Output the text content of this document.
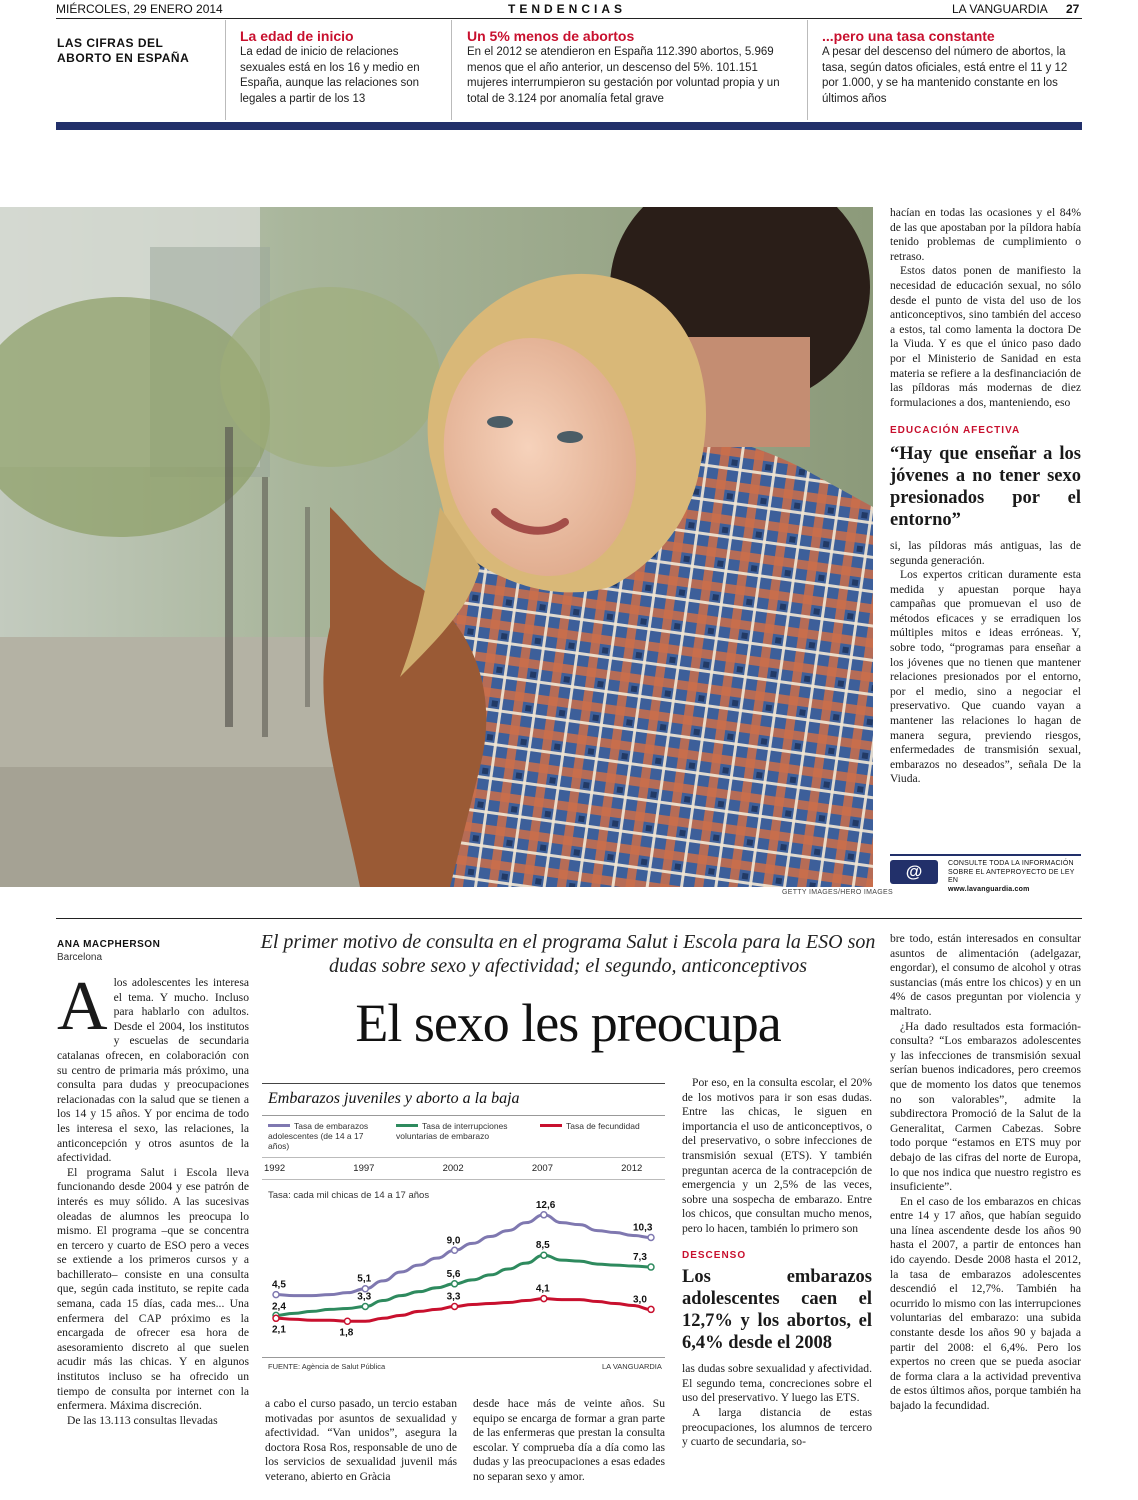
MIÉRCOLES, 29 ENERO 2014	TENDENCIAS	LA VANGUARDIA 27
LAS CIFRAS DEL ABORTO EN ESPAÑA
La edad de inicio
La edad de inicio de relaciones sexuales está en los 16 y medio en España, aunque las relaciones son legales a partir de los 13
Un 5% menos de abortos
En el 2012 se atendieron en España 112.390 abortos, 5.969 menos que el año anterior, un descenso del 5%. 101.151 mujeres interrumpieron su gestación por voluntad propia y un total de 3.124 por anomalía fetal grave
...pero una tasa constante
A pesar del descenso del número de abortos, la tasa, según datos oficiales, está entre el 11 y 12 por 1.000, y se ha mantenido constante en los últimos años
GETTY IMAGES/HERO IMAGES

hacían en todas las ocasiones y el 84% de las que apostaban por la píldora había tenido problemas de cumplimiento o retraso.

Estos datos ponen de manifiesto la necesidad de educación sexual, no sólo desde el punto de vista del uso de los anticonceptivos, sino también del acceso a estos, tal como lamenta la doctora De la Viuda. Y es que el único paso dado por el Ministerio de Sanidad en esta materia se refiere a la desfinanciación de las píldoras más modernas de diez formulaciones a dos, manteniendo, eso

EDUCACIÓN AFECTIVA
“Hay que enseñar a los jóvenes a no tener sexo presionados por el entorno”

si, las píldoras más antiguas, las de segunda generación.

Los expertos critican duramente esta medida y apuestan porque haya campañas que promuevan el uso de métodos eficaces y se erradiquen los múltiples mitos e ideas erróneas. Y, sobre todo, “programas para enseñar a los jóvenes que no tienen que mantener relaciones presionados por el entorno, por el medio, sino a negociar el preservativo. Que cuando vayan a mantener las relaciones lo hagan de manera segura, previendo riesgos, enfermedades de transmisión sexual, embarazos no deseados”, señala De la Viuda.

@	CONSULTE TODA LA INFORMACIÓN
SOBRE EL ANTEPROYECTO DE LEY EN
www.lavanguardia.com
ANA MACPHERSON
Barcelona
El primer motivo de consulta en el programa Salut i Escola para la ESO son dudas sobre sexo y afectividad; el segundo, anticonceptivos
El sexo les preocupa
A los adolescentes les interesa el tema. Y mucho. Incluso para hablarlo con adultos. Desde el 2004, los institutos y escuelas de secundaria catalanas ofrecen, en colaboración con su centro de primaria más próximo, una consulta para dudas y preocupaciones relacionadas con la salud que se tienen a los 14 y 15 años. Y por encima de todo les interesa el sexo, las relaciones, la anticoncepción y otros asuntos de la afectividad.

El programa Salut i Escola lleva funcionando desde 2004 y ese patrón de interés es muy sólido. A las sucesivas oleadas de alumnos les preocupa lo mismo. El programa –que se concentra en tercero y cuarto de ESO pero a veces se extiende a los primeros cursos y a bachillerato– consiste en una consulta que, según cada instituto, se repite cada semana, cada 15 días, cada mes... Una enfermera del CAP próximo es la encargada de ofrecer esa hora de asesoramiento discreto al que suelen acudir más las chicas. Y en algunos institutos incluso se ha ofrecido un tiempo de consulta por internet con la enfermera. Máxima discreción.

De las 13.113 consultas llevadas

Embarazos juveniles y aborto a la baja
Tasa de embarazos adolescentes (de 14 a 17 años)
Tasa de interrupciones voluntarias de embarazo
Tasa de fecundidad
1992	1997	2002	2007	2012
Tasa: cada mil chicas de 14 a 17 años
4,5
5,1
9,0
12,6
10,3
2,4
3,3
5,6
8,5
7,3
2,1	1,8
3,3
4,1
3,0
FUENTE: Agència de Salut Pública	LA VANGUARDIA

a cabo el curso pasado, un tercio estaban motivadas por asuntos de sexualidad y afectividad. “Van unidos”, asegura la doctora Rosa Ros, responsable de uno de los servicios de sexualidad juvenil más veterano, abierto en Gràcia

desde hace más de veinte años. Su equipo se encarga de formar a gran parte de las enfermeras que prestan la consulta escolar. Y comprueba día a día como las dudas y las preocupaciones a esas edades no separan sexo y amor.

Por eso, en la consulta escolar, el 20% de los motivos para ir son esas dudas. Entre las chicas, le siguen en importancia el uso de anticonceptivos, o del preservativo, o sobre infecciones de transmisión sexual (ETS). Y también preguntan acerca de la contracepción de emergencia y un 2,5% de las veces, sobre una sospecha de embarazo. Entre los chicos, que consultan mucho menos, pero lo hacen, también lo primero son

DESCENSO
Los embarazos adolescentes caen el 12,7% y los abortos, el 6,4% desde el 2008

las dudas sobre sexualidad y afectividad. El segundo tema, concreciones sobre el uso del preservativo. Y luego las ETS.

A larga distancia de estas preocupaciones, los alumnos de tercero y cuarto de secundaria, so-

bre todo, están interesados en consultar asuntos de alimentación (adelgazar, engordar), el consumo de alcohol y otras sustancias (más entre los chicos) y en un 4% de casos preguntan por violencia y maltrato.

¿Ha dado resultados esta formación-consulta? “Los embarazos adolescentes y las infecciones de transmisión sexual serían buenos indicadores, pero creemos que de momento los datos que tenemos no son valorables”, admite la subdirectora Promoció de la Salut de la Generalitat, Carmen Cabezas. Sobre todo porque “estamos en ETS muy por debajo de las cifras del norte de Europa, lo que nos indica que nuestro registro es insuficiente”.

En el caso de los embarazos en chicas entre 14 y 17 años, que habían seguido una línea ascendente desde los años 90 hasta el 2007, a partir de entonces han ido cayendo. Desde 2008 hasta el 2012, la tasa de embarazos adolescentes descendió el 12,7%. También ha ocurrido lo mismo con las interrupciones voluntarias del embarazo: una subida constante desde los años 90 y bajada a partir del 2008: el 6,4%. Pero los expertos no creen que se pueda asociar de forma clara a la actividad preventiva de estos últimos años, porque también ha bajado la fecundidad.
